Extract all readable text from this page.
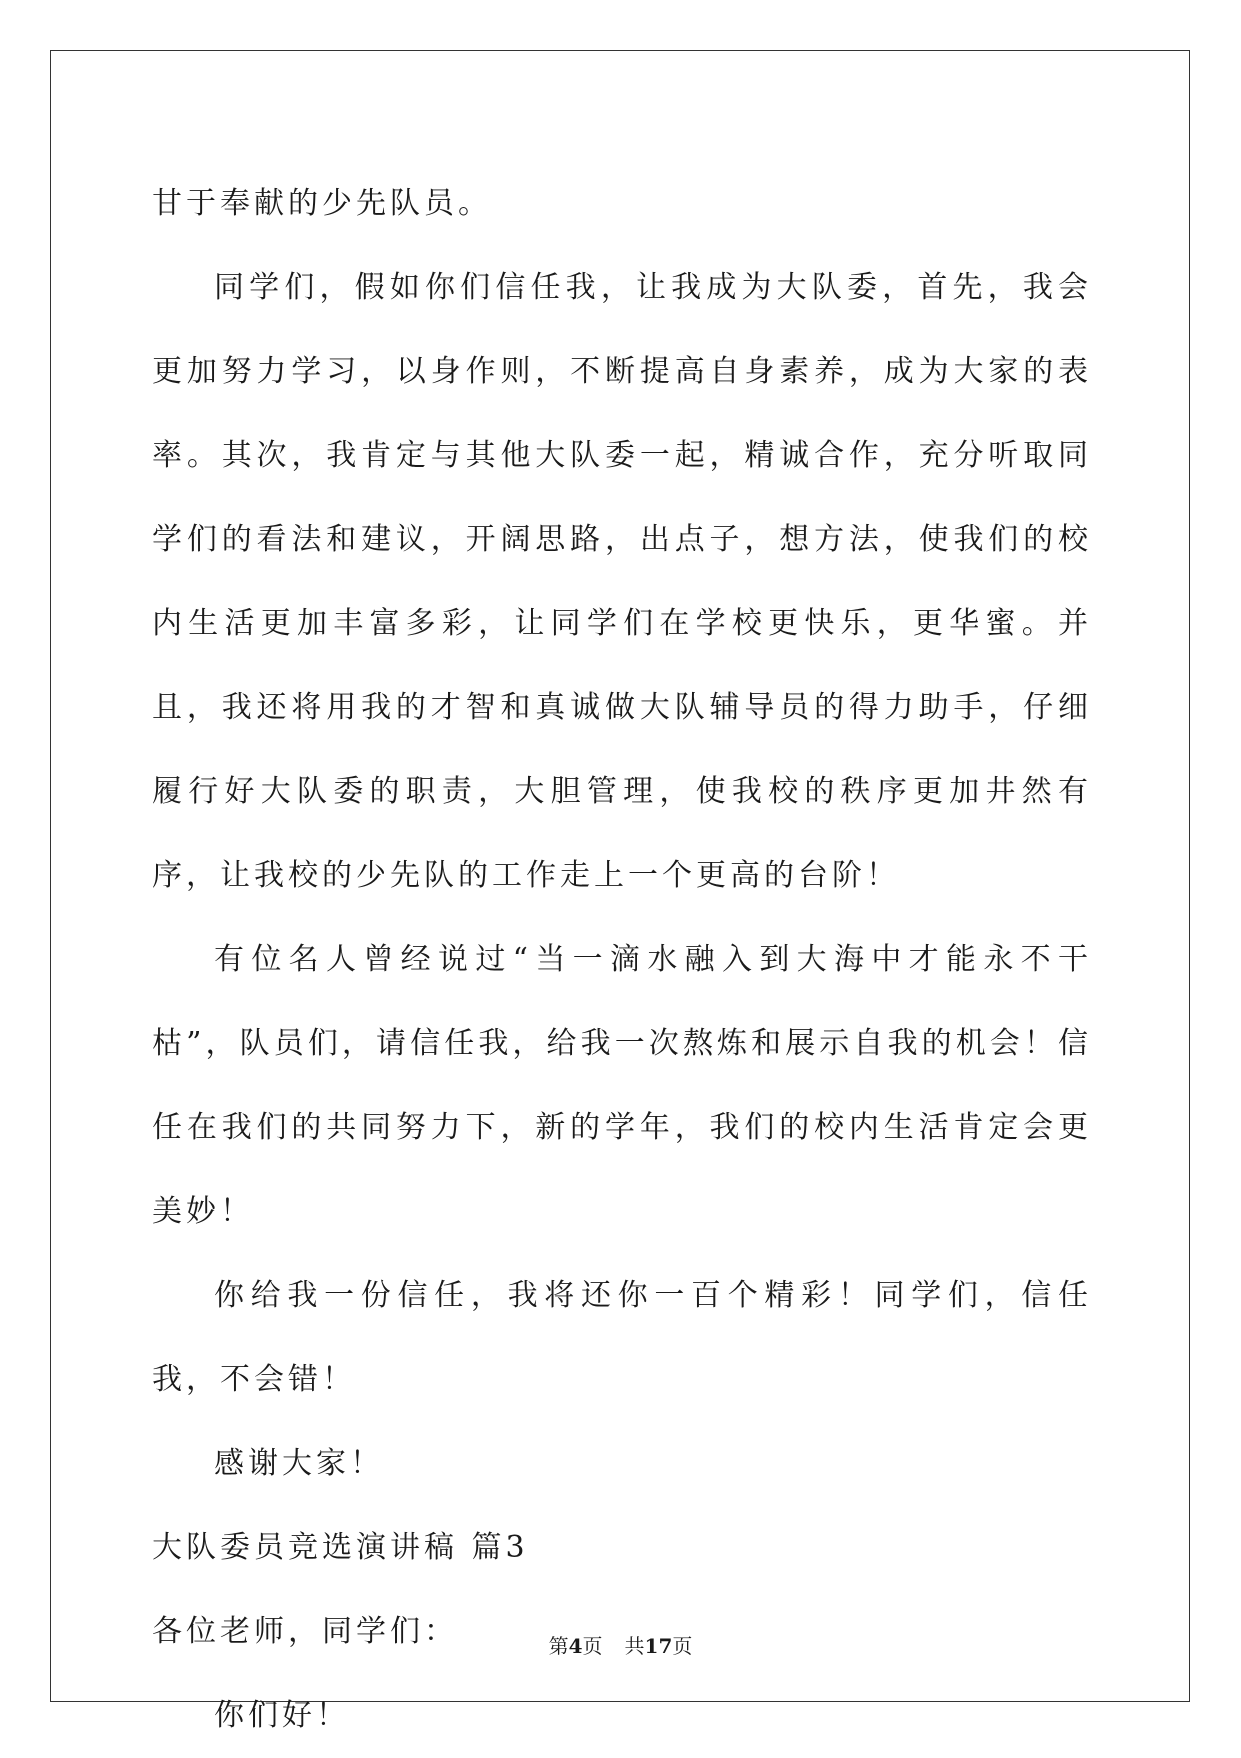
甘于奉献的少先队员。

同学们，假如你们信任我，让我成为大队委，首先，我会更加努力学习，以身作则，不断提高自身素养，成为大家的表率。其次，我肯定与其他大队委一起，精诚合作，充分听取同学们的看法和建议，开阔思路，出点子，想方法，使我们的校内生活更加丰富多彩，让同学们在学校更快乐，更华蜜。并且，我还将用我的才智和真诚做大队辅导员的得力助手，仔细履行好大队委的职责，大胆管理，使我校的秩序更加井然有序，让我校的少先队的工作走上一个更高的台阶！

有位名人曾经说过“当一滴水融入到大海中才能永不干枯”，队员们，请信任我，给我一次熬炼和展示自我的机会！信任在我们的共同努力下，新的学年，我们的校内生活肯定会更美妙！

你给我一份信任，我将还你一百个精彩！同学们，信任我，不会错！

感谢大家！

大队委员竞选演讲稿 篇3

各位老师，同学们：

你们好！

第4页 共17页
